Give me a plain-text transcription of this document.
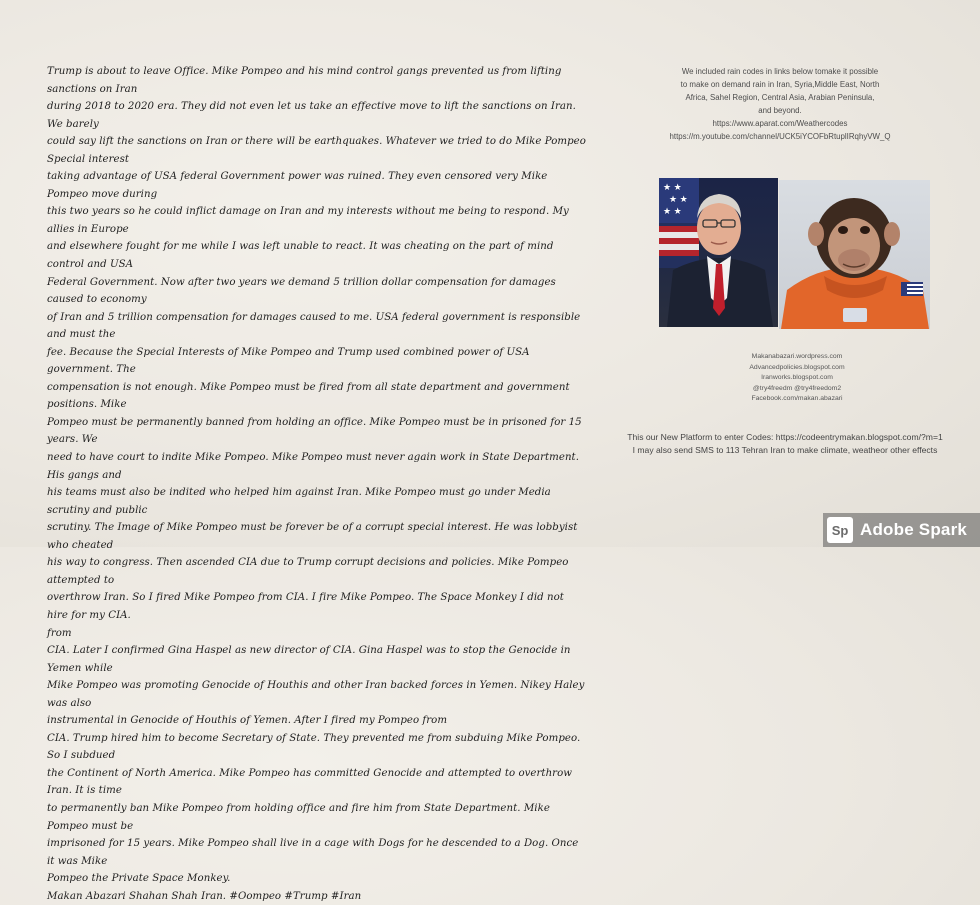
Trump is about to leave Office. Mike Pompeo and his mind control gangs prevented us from lifting sanctions on Iran

during 2018 to 2020 era. They did not even let us take an effective move to lift the sanctions on Iran. We barely

could say lift the sanctions on Iran or there will be earthquakes. Whatever we tried to do Mike Pompeo Special interest

taking advantage of USA federal Government power was ruined. They even censored very Mike Pompeo move during

this two years so he could inflict damage on Iran and my interests without me being to respond. My allies in Europe

and elsewhere fought for me while I was left unable to react. It was cheating on the part of mind control and USA

Federal Government. Now after two years we demand 5 trillion dollar compensation for damages caused to economy

of Iran and 5 trillion compensation for damages caused to me. USA federal government is responsible and must the

fee. Because the Special Interests of Mike Pompeo and Trump used combined power of USA government. The

compensation is not enough. Mike Pompeo must be fired from all state department and government positions. Mike

Pompeo must be permanently banned from holding an office. Mike Pompeo must be in prisoned for 15 years. We

need to have court to indite Mike Pompeo. Mike Pompeo must never again work in State Department. His gangs and

his teams must also be indited who helped him against Iran. Mike Pompeo must go under Media scrutiny and public

scrutiny. The Image of Mike Pompeo must be forever be of a corrupt special interest. He was lobbyist who cheated

his way to congress. Then ascended CIA due to Trump corrupt decisions and policies. Mike Pompeo attempted to

overthrow Iran. So I fired Mike Pompeo from CIA. I fire Mike Pompeo. The Space Monkey I did not hire for my CIA.

from

CIA. Later I confirmed Gina Haspel as new director of CIA. Gina Haspel was to stop the Genocide in Yemen while

Mike Pompeo was promoting Genocide of Houthis and other Iran backed forces in Yemen. Nikey Haley was also

instrumental in Genocide of Houthis of Yemen. After I fired my Pompeo from

CIA. Trump hired him to become Secretary of State. They prevented me from subduing Mike Pompeo. So I subdued

the Continent of North America. Mike Pompeo has committed Genocide and attempted to overthrow Iran. It is time

to permanently ban Mike Pompeo from holding office and fire him from State Department. Mike Pompeo must be

imprisoned for 15 years. Mike Pompeo shall live in a cage with Dogs for he descended to a Dog. Once it was Mike

Pompeo the Private Space Monkey.

Makan Abazari Shahan Shah Iran. #Oompeo #Trump #Iran

We included rain codes in links below tomake it possible
to make on demand rain in Iran, Syria,Middle East, North
Africa, Sahel Region, Central Asia, Arabian Peninsula,
and beyond.
https://www.aparat.com/Weathercodes
https://m.youtube.com/channel/UCK5iYCOFbRtuplIRqhyVW_Q
★ ★
★ ★
★ ★
Makanabazari.wordpress.com
Advancedpolicies.blogspot.com
Iranworks.blogspot.com
@try4freedm @try4freedom2
Facebook.com/makan.abazari
This our New Platform to enter Codes: https://codeentrymakan.blogspot.com/?m=1
I may also send SMS to 113 Tehran Iran to make climate, weatheor other effects
Sp Adobe Spark
